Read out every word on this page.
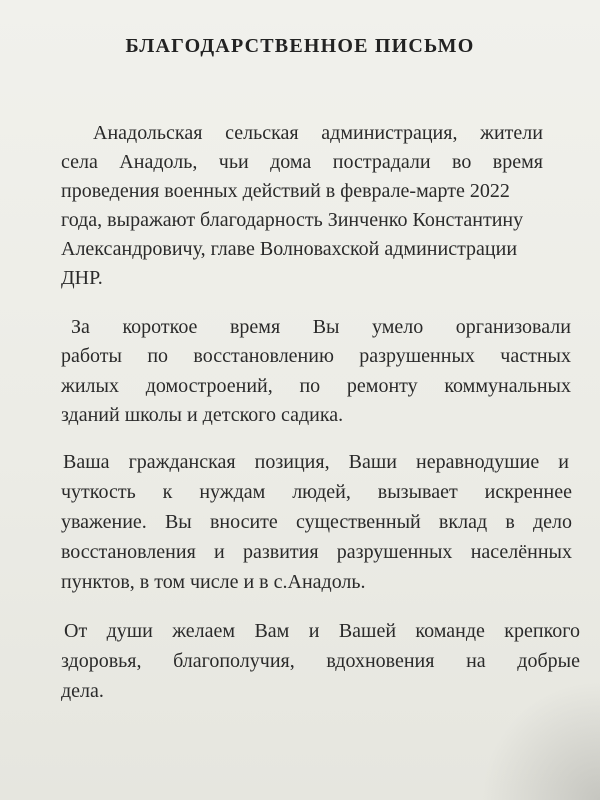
БЛАГОДАРСТВЕННОЕ ПИСЬМО
Анадольская сельская администрация, жители
села Анадоль, чьи дома пострадали во время
проведения военных действий в феврале-марте 2022
года, выражают благодарность Зинченко Константину
Александровичу, главе Волновахской администрации
ДНР.
За короткое время Вы умело организовали
работы по восстановлению разрушенных частных
жилых домостроений, по ремонту коммунальных
зданий школы и детского садика.
Ваша гражданская позиция, Ваши неравнодушие и
чуткость к нуждам людей, вызывает искреннее
уважение. Вы вносите существенный вклад в дело
восстановления и развития разрушенных населённых
пунктов, в том числе и в с.Анадоль.
От души желаем Вам и Вашей команде крепкого
здоровья, благополучия, вдохновения на добрые
дела.
